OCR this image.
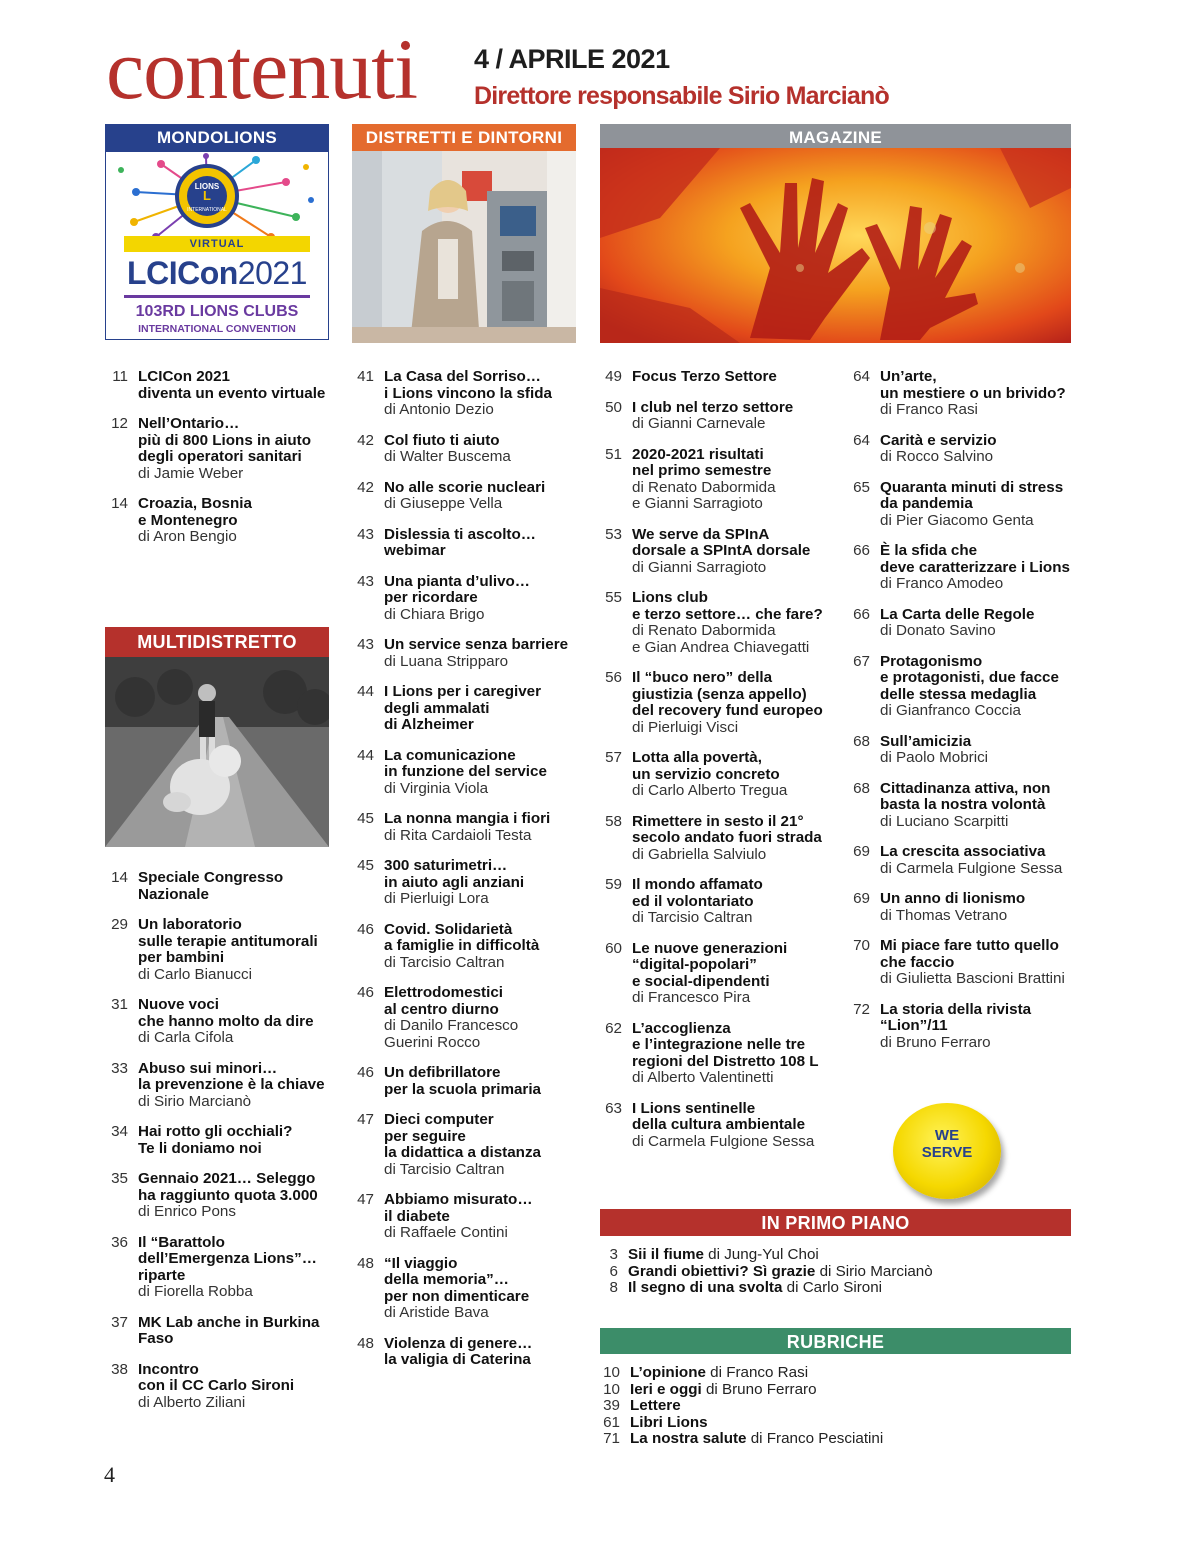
contenuti 4 / APRILE 2021
Direttore responsabile Sirio Marcianò
MONDOLIONS
LIONS
INTERNATIONAL
L
VIRTUAL
LCICon2021
103RD LIONS CLUBS
INTERNATIONAL CONVENTION
DISTRETTI E DINTORNI	MAGAZINE
MULTIDISTRETTO
11 LCICon 2021
diventa un evento virtuale
12 Nell’Ontario…
più di 800 Lions in aiuto
degli operatori sanitari
di Jamie Weber
14 Croazia, Bosnia
e Montenegro
di Aron Bengio
14 Speciale Congresso
Nazionale
29 Un laboratorio
sulle terapie antitumorali
per bambini
di Carlo Bianucci
31 Nuove voci
che hanno molto da dire
di Carla Cifola
33 Abuso sui minori…
la prevenzione è la chiave
di Sirio Marcianò
34 Hai rotto gli occhiali?
Te li doniamo noi
35 Gennaio 2021… Seleggo
ha raggiunto quota 3.000
di Enrico Pons
36 Il “Barattolo
dell’Emergenza Lions”…
riparte
di Fiorella Robba
37 MK Lab anche in Burkina
Faso
38 Incontro
con il CC Carlo Sironi
di Alberto Ziliani
41 La Casa del Sorriso…
i Lions vincono la sfida
di Antonio Dezio
42 Col fiuto ti aiuto
di Walter Buscema
42 No alle scorie nucleari
di Giuseppe Vella
43 Dislessia ti ascolto…
webimar
43 Una pianta d’ulivo…
per ricordare
di Chiara Brigo
43 Un service senza barriere
di Luana Stripparo
44 I Lions per i caregiver
degli ammalati
di Alzheimer
44 La comunicazione
in funzione del service
di Virginia Viola
45 La nonna mangia i fiori
di Rita Cardaioli Testa
45 300 saturimetri…
in aiuto agli anziani
di Pierluigi Lora
46 Covid. Solidarietà
a famiglie in difficoltà
di Tarcisio Caltran
46 Elettrodomestici
al centro diurno
di Danilo Francesco
Guerini Rocco
46 Un defibrillatore
per la scuola primaria
47 Dieci computer
per seguire
la didattica a distanza
di Tarcisio Caltran
47 Abbiamo misurato…
il diabete
di Raffaele Contini
48 “Il viaggio
della memoria”…
per non dimenticare
di Aristide Bava
48 Violenza di genere…
la valigia di Caterina
49 Focus Terzo Settore
50 I club nel terzo settore
di Gianni Carnevale
51 2020-2021 risultati
nel primo semestre
di Renato Dabormida
e Gianni Sarragioto
53 We serve da SPInA
dorsale a SPIntA dorsale
di Gianni Sarragioto
55 Lions club
e terzo settore… che fare?
di Renato Dabormida
e Gian Andrea Chiavegatti
56 Il “buco nero” della
giustizia (senza appello)
del recovery fund europeo
di Pierluigi Visci
57 Lotta alla povertà,
un servizio concreto
di Carlo Alberto Tregua
58 Rimettere in sesto il 21°
secolo andato fuori strada
di Gabriella Salviulo
59 Il mondo affamato
ed il volontariato
di Tarcisio Caltran
60 Le nuove generazioni
“digital-popolari”
e social-dipendenti
di Francesco Pira
62 L’accoglienza
e l’integrazione nelle tre
regioni del Distretto 108 L
di Alberto Valentinetti
63 I Lions sentinelle
della cultura ambientale
di Carmela Fulgione Sessa
64 Un’arte,
un mestiere o un brivido?
di Franco Rasi
64 Carità e servizio
di Rocco Salvino
65 Quaranta minuti di stress
da pandemia
di Pier Giacomo Genta
66 È la sfida che
deve caratterizzare i Lions
di Franco Amodeo
66 La Carta delle Regole
di Donato Savino
67 Protagonismo
e protagonisti, due facce
delle stessa medaglia
di Gianfranco Coccia
68 Sull’amicizia
di Paolo Mobrici
68 Cittadinanza attiva, non
basta la nostra volontà
di Luciano Scarpitti
69 La crescita associativa
di Carmela Fulgione Sessa
69 Un anno di lionismo
di Thomas Vetrano
70 Mi piace fare tutto quello
che faccio
di Giulietta Bascioni Brattini
72 La storia della rivista
“Lion”/11
di Bruno Ferraro
WE
SERVE
IN PRIMO PIANO
3 Sii il fiume di Jung-Yul Choi
6 Grandi obiettivi? Sì grazie di Sirio Marcianò
8 Il segno di una svolta di Carlo Sironi
RUBRICHE
10 L’opinione di Franco Rasi
10 Ieri e oggi di Bruno Ferraro
39 Lettere
61 Libri Lions
71 La nostra salute di Franco Pesciatini
4
